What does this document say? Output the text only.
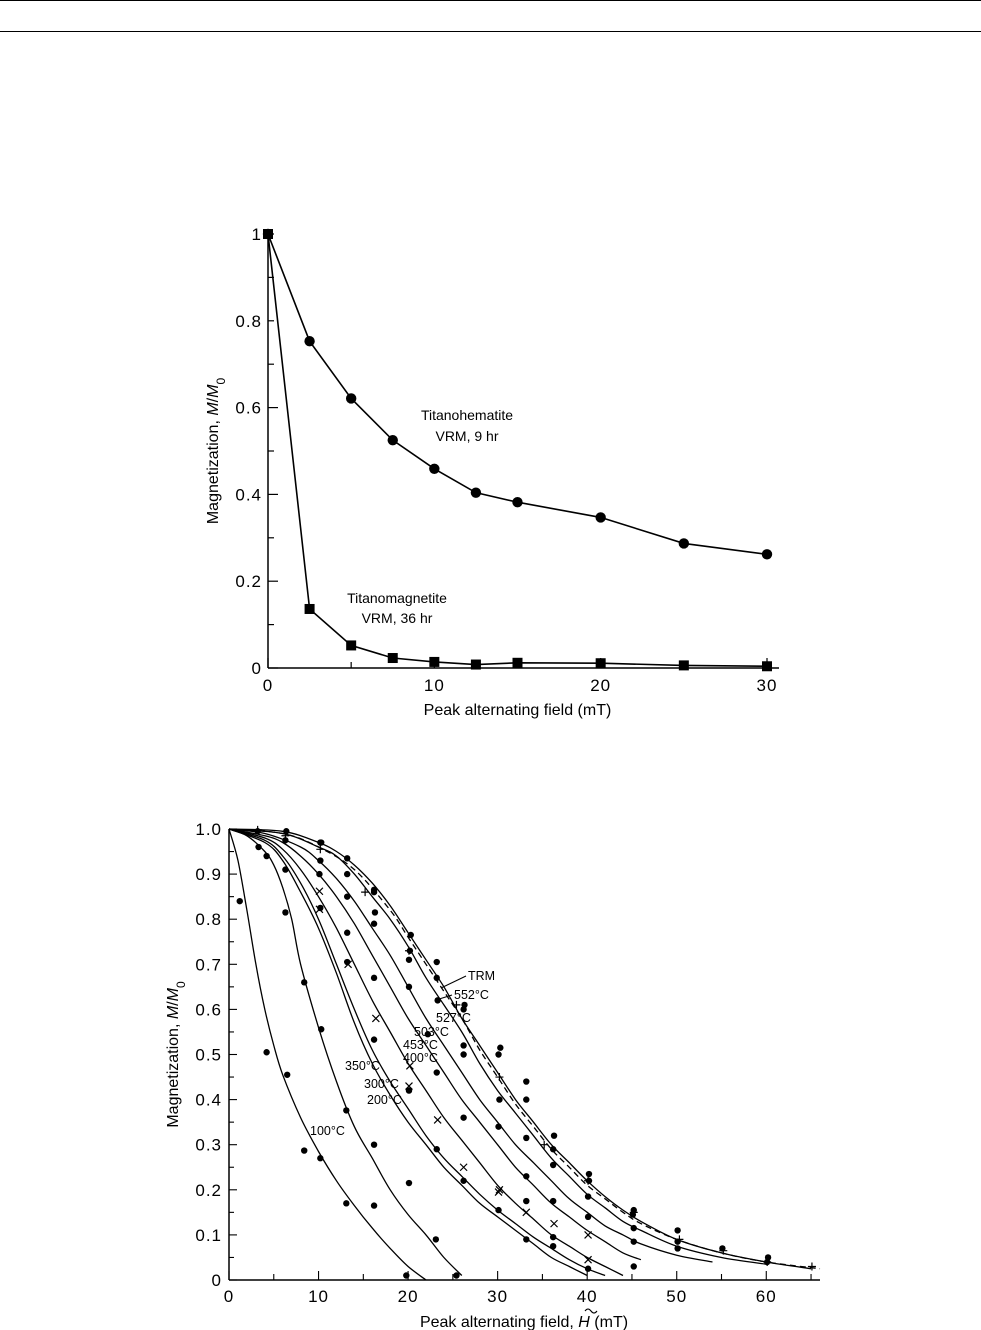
0
0.2
0.4
0.6
0.8
1
0	10	20	30
Peak alternating field (mT)
Magnetization, $M/M_0$
Titanohematite
VRM, 9 hr
Titanomagnetite
VRM, 36 hr
0
0.1
0.2
0.3
0.4
0.5
0.6
0.7
0.8
0.9
1.0
0	10	20	30	40	50	60
Peak alternating field, H (mT)
Magnetization, $M/M_0$
100°C
200°C
300°C
350°C
400°C
453°C
503°C
527°C
552°C
TRM
